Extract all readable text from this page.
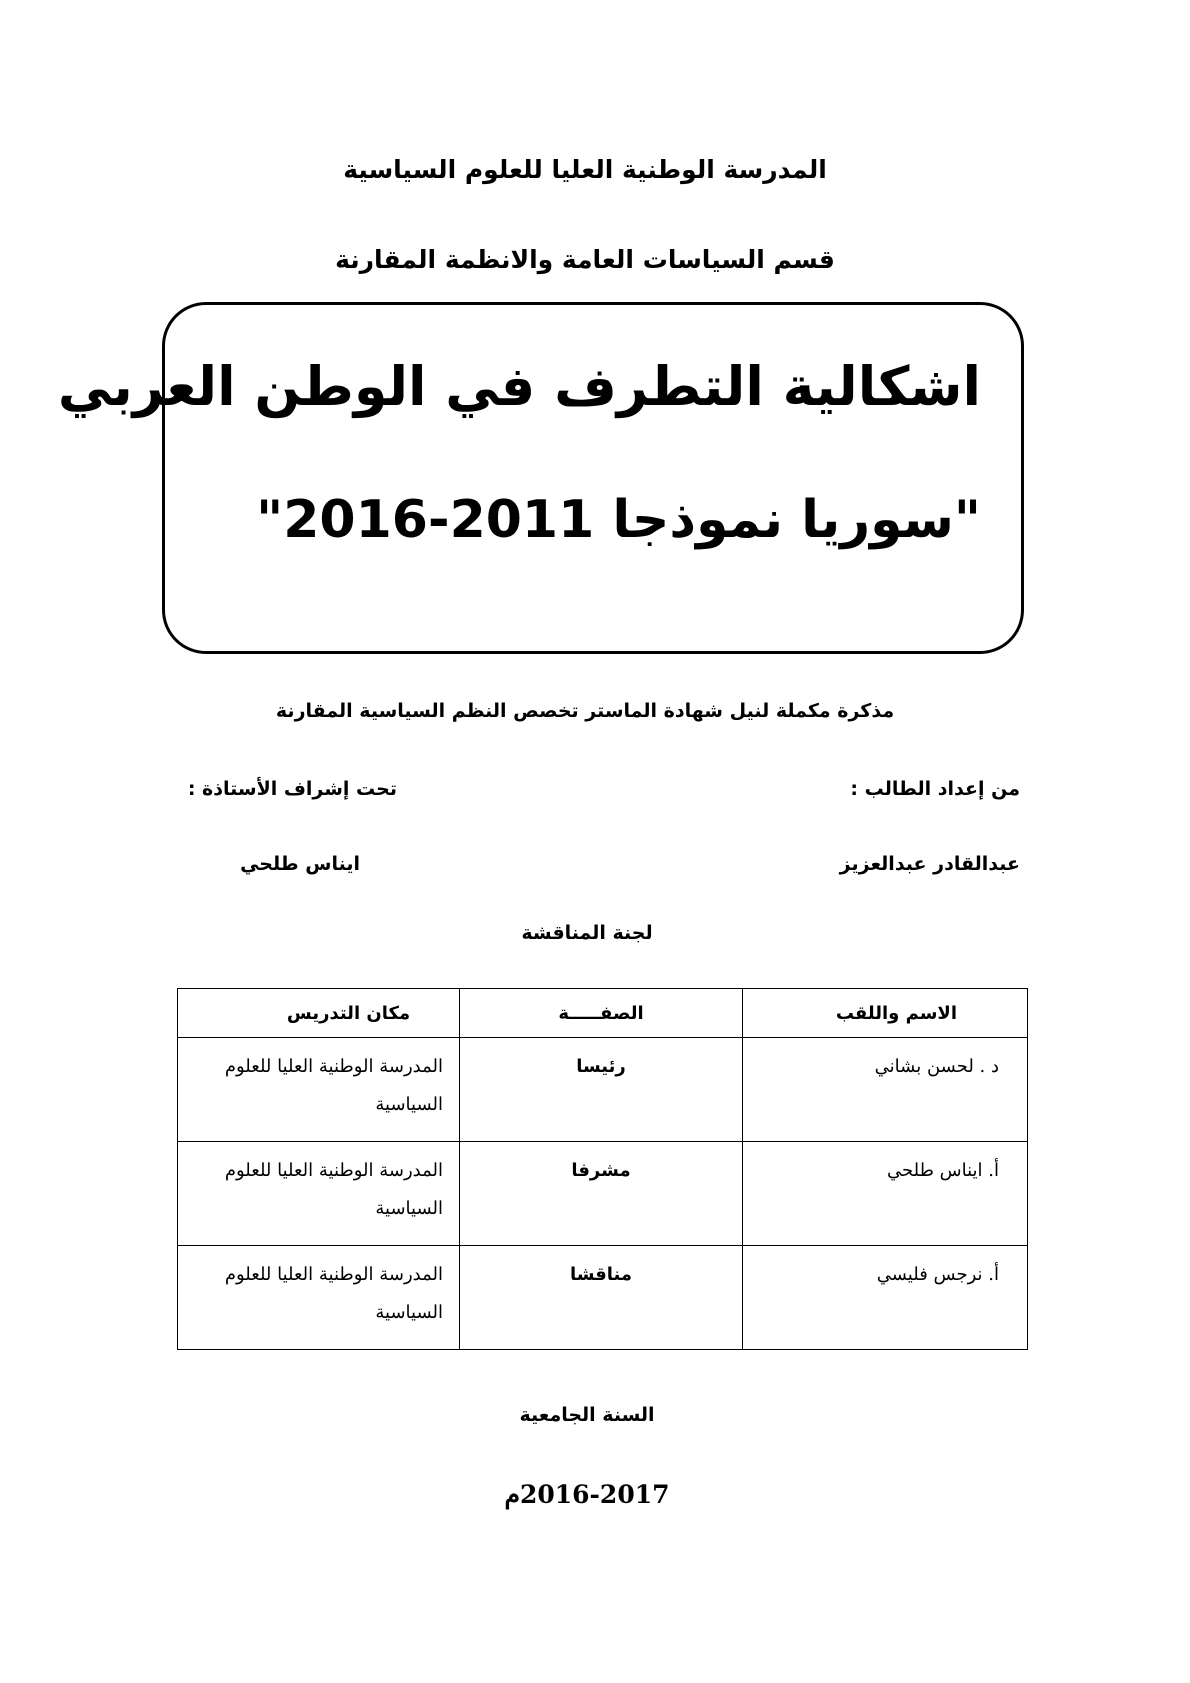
المدرسة الوطنية العليا للعلوم السياسية
قسم السياسات العامة والانظمة المقارنة
اشكالية التطرف في الوطن العربي
"سوريا نموذجا 2011-2016"

مذكرة مكملة لنيل شهادة الماستر تخصص النظم السياسية المقارنة

من إعداد الطالب :
تحت إشراف الأستاذة :
عبدالقادر عبدالعزيز
ايناس طلحي

لجنة المناقشة

الاسم واللقب	الصفـــــة	مكان التدريس
د . لحسن بشاني	رئيسا	المدرسة الوطنية العليا للعلوم السياسية
أ. ايناس طلحي	مشرفا	المدرسة الوطنية العليا للعلوم السياسية
أ. نرجس فليسي	مناقشا	المدرسة الوطنية العليا للعلوم السياسية

السنة الجامعية

2016-2017م
